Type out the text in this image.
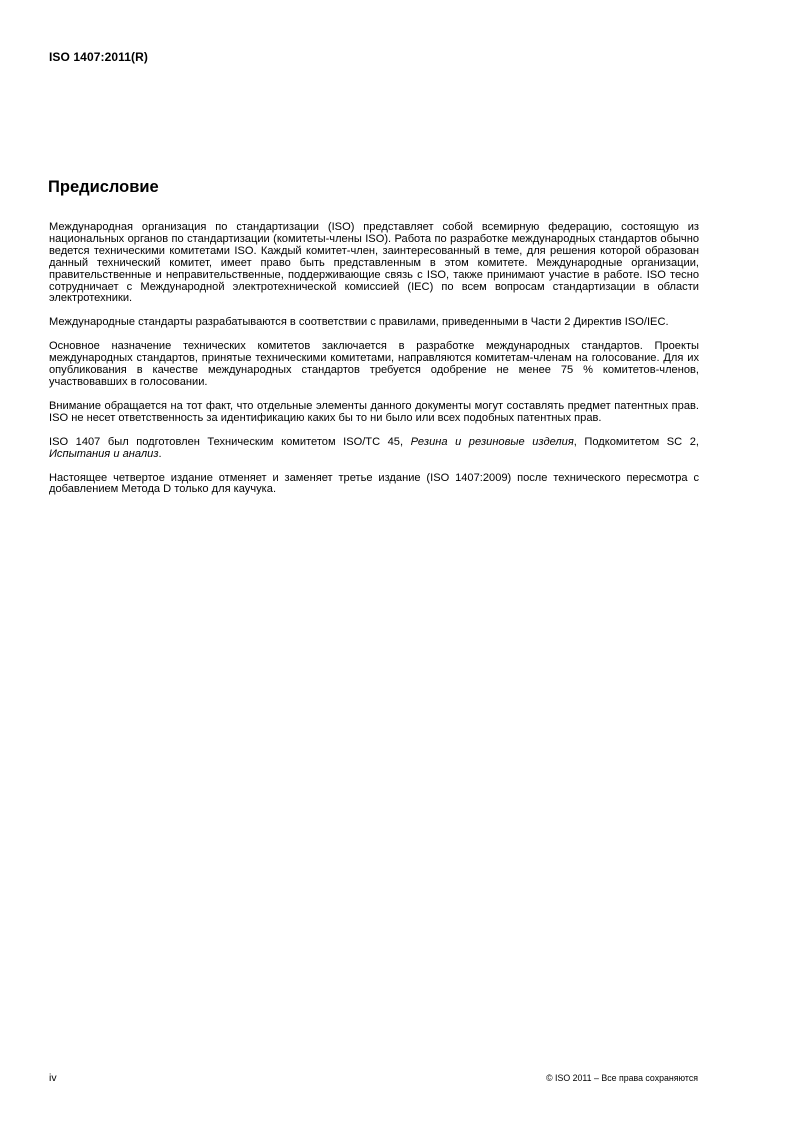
ISO 1407:2011(R)
Предисловие

Международная организация по стандартизации (ISO) представляет собой всемирную федерацию, состоящую из национальных органов по стандартизации (комитеты-члены ISO). Работа по разработке международных стандартов обычно ведется техническими комитетами ISO. Каждый комитет-член, заинтересованный в теме, для решения которой образован данный технический комитет, имеет право быть представленным в этом комитете. Международные организации, правительственные и неправительственные, поддерживающие связь с ISO, также принимают участие в работе. ISO тесно сотрудничает с Международной электротехнической комиссией (IEC) по всем вопросам стандартизации в области электротехники.

Международные стандарты разрабатываются в соответствии с правилами, приведенными в Части 2 Директив ISO/IEC.

Основное назначение технических комитетов заключается в разработке международных стандартов. Проекты международных стандартов, принятые техническими комитетами, направляются комитетам-членам на голосование. Для их опубликования в качестве международных стандартов требуется одобрение не менее 75 % комитетов-членов, участвовавших в голосовании.

Внимание обращается на тот факт, что отдельные элементы данного документы могут составлять предмет патентных прав. ISO не несет ответственность за идентификацию каких бы то ни было или всех подобных патентных прав.

ISO 1407 был подготовлен Техническим комитетом ISO/TC 45, Резина и резиновые изделия, Подкомитетом SC 2, Испытания и анализ.

Настоящее четвертое издание отменяет и заменяет третье издание (ISO 1407:2009) после технического пересмотра с добавлением Метода D только для каучука.

iv	© ISO 2011 – Все права сохраняются
